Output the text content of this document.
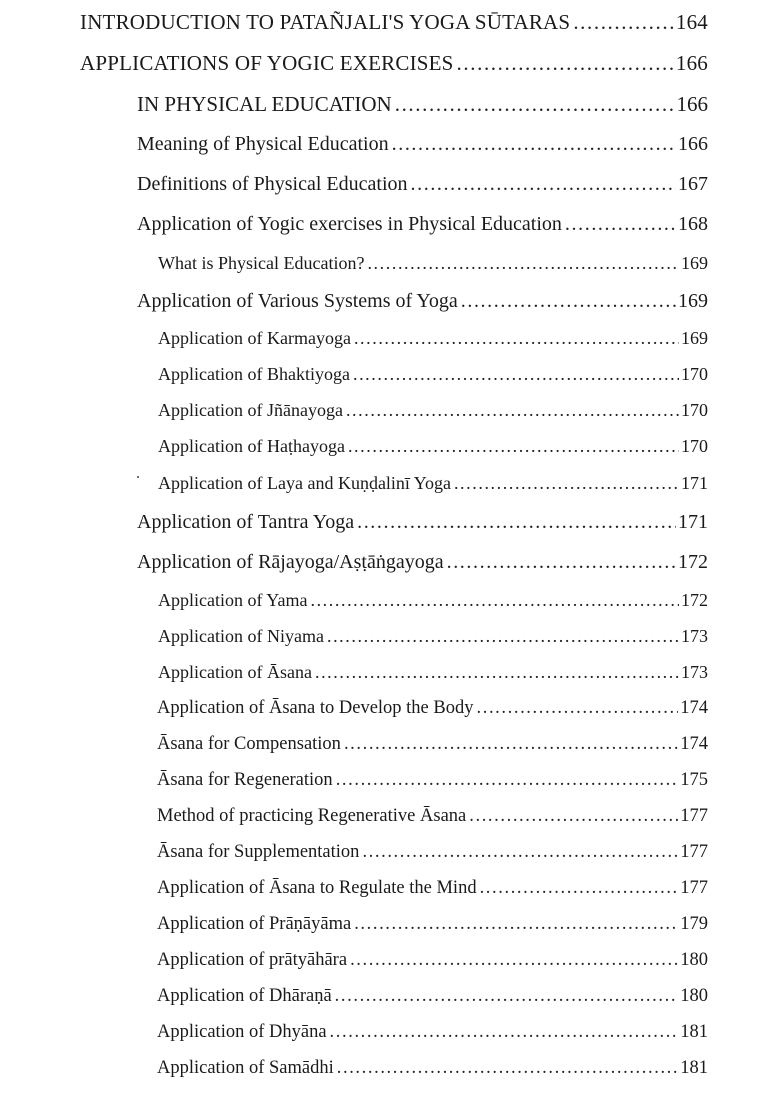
INTRODUCTION TO PATAÑJALI'S YOGA SŪTARAS .....	164
APPLICATIONS OF YOGIC EXERCISES .....	166
IN PHYSICAL EDUCATION .....	166
Meaning of Physical Education .....	166
Definitions of Physical Education .....	167
Application of Yogic exercises in Physical Education .....	168
What is Physical Education? .....	169
Application of Various Systems of Yoga .....	169
Application of Karmayoga .....	169
Application of Bhaktiyoga .....	170
Application of Jñānayoga .....	170
Application of Haṭhayoga .....	170
Application of Laya and Kuṇḍalinī Yoga .....	171
Application of Tantra Yoga .....	171
Application of Rājayoga/Aṣṭāṅgayoga .....	172
Application of Yama .....	172
Application of Niyama .....	173
Application of Āsana .....	173
Application of Āsana to Develop the Body .....	174
Āsana for Compensation .....	174
Āsana for Regeneration .....	175
Method of practicing Regenerative Āsana .....	177
Āsana for Supplementation .....	177
Application of Āsana to Regulate the Mind .....	177
Application of Prāṇāyāma .....	179
Application of prātyāhāra .....	180
Application of Dhāraṇā .....	180
Application of Dhyāna .....	181
Application of Samādhi .....	181
